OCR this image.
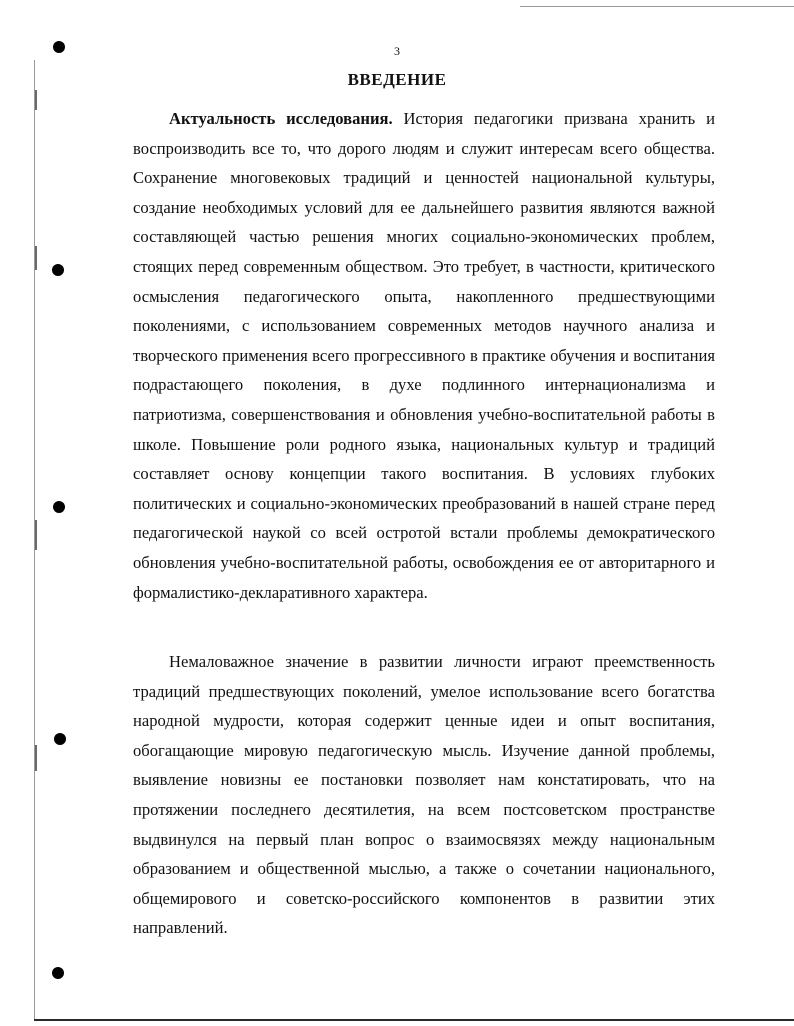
3
ВВЕДЕНИЕ

Актуальность исследования. История педагогики призвана хранить и воспроизводить все то, что дорого людям и служит интересам всего общества. Сохранение многовековых традиций и ценностей национальной культуры, создание необходимых условий для ее дальнейшего развития являются важной составляющей частью решения многих социально-экономических проблем, стоящих перед современным обществом. Это требует, в частности, критического осмысления педагогического опыта, накопленного предшествующими поколениями, с использованием современных методов научного анализа и творческого применения всего прогрессивного в практике обучения и воспитания подрастающего поколения, в духе подлинного интернационализма и патриотизма, совершенствования и обновления учебно-воспитательной работы в школе. Повышение роли родного языка, национальных культур и традиций составляет основу концепции такого воспитания. В условиях глубоких политических и социально-экономических преобразований в нашей стране перед педагогической наукой со всей остротой встали проблемы демократического обновления учебно-воспитательной работы, освобождения ее от авторитарного и формалистико-декларативного характера.

Немаловажное значение в развитии личности играют преемственность традиций предшествующих поколений, умелое использование всего богатства народной мудрости, которая содержит ценные идеи и опыт воспитания, обогащающие мировую педагогическую мысль. Изучение данной проблемы, выявление новизны ее постановки позволяет нам констатировать, что на протяжении последнего десятилетия, на всем постсоветском пространстве выдвинулся на первый план вопрос о взаимосвязях между национальным образованием и общественной мыслью, а также о сочетании национального, общемирового и советско-российского компонентов в развитии этих направлений.
